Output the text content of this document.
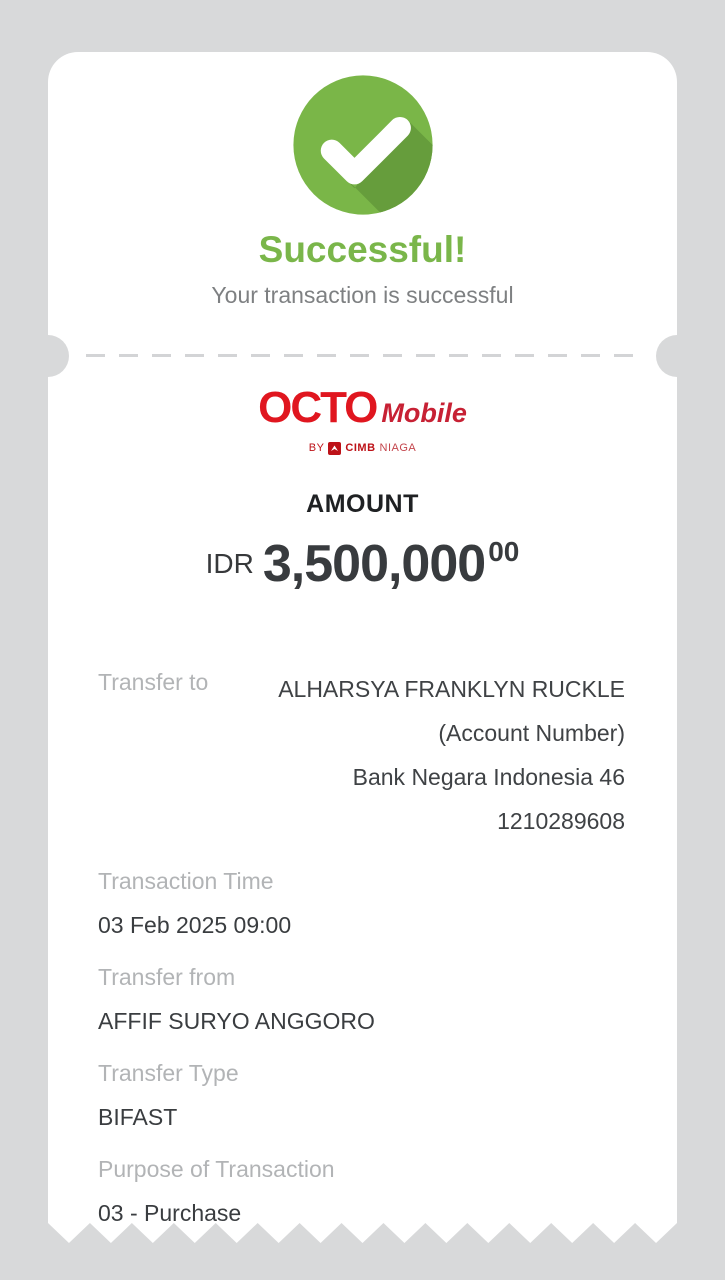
Successful!
Your transaction is successful
OCTO Mobile
BY CIMB NIAGA
AMOUNT
IDR 3,500,000 00
Transfer to	ALHARSYA FRANKLYN RUCKLE
(Account Number)
Bank Negara Indonesia 46
1210289608
Transaction Time
03 Feb 2025 09:00
Transfer from
AFFIF SURYO ANGGORO
Transfer Type
BIFAST
Purpose of Transaction
03 - Purchase
